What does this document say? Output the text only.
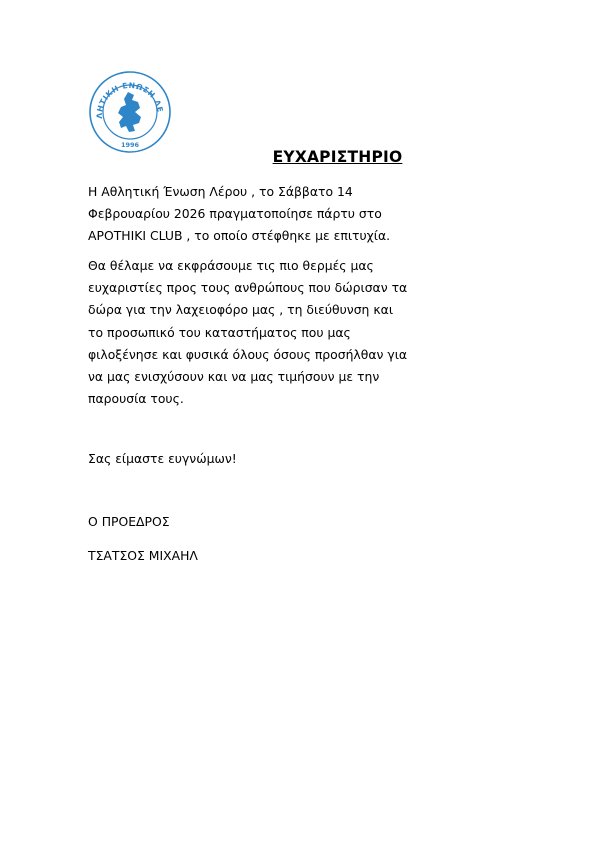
ΛΗΤΙΚΗ ΕΝΩΣΗ ΛΕ
1996
ΕΥΧΑΡΙΣΤΗΡΙΟ
Η Αθλητική Ένωση Λέρου , το Σάββατο 14
Φεβρουαρίου 2026 πραγματοποίησε πάρτυ στο
APOTHIKI CLUB , το οποίο στέφθηκε με επιτυχία.
Θα θέλαμε να εκφράσουμε τις πιο θερμές μας
ευχαριστίες προς τους ανθρώπους που δώρισαν τα
δώρα για την λαχειοφόρο μας , τη διεύθυνση και
το προσωπικό του καταστήματος που μας
φιλοξένησε και φυσικά όλους όσους προσήλθαν για
να μας ενισχύσουν και να μας τιμήσουν με την
παρουσία τους.

Σας είμαστε ευγνώμων!

Ο ΠΡΟΕΔΡΟΣ

ΤΣΑΤΣΟΣ ΜΙΧΑΗΛ
